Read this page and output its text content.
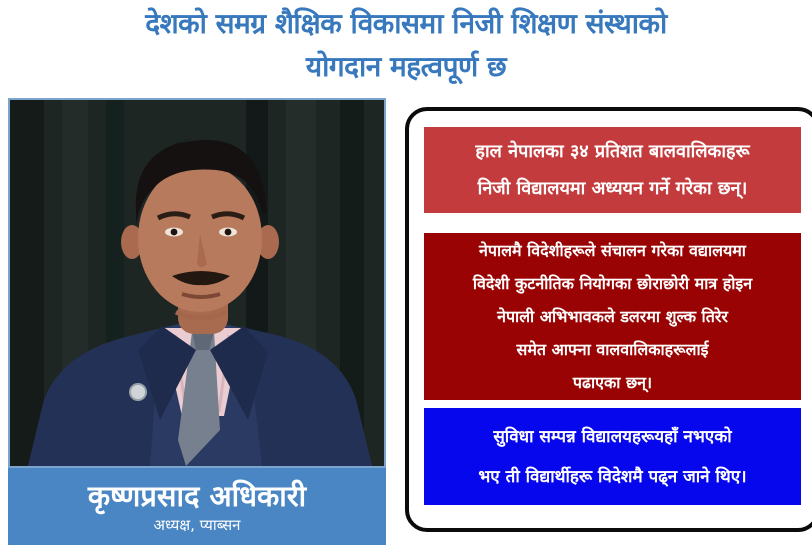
देशको समग्र शैक्षिक विकासमा निजी शिक्षण संस्थाको
योगदान महत्वपूर्ण छ
कृष्णप्रसाद अधिकारी
अध्यक्ष, प्याब्सन
हाल नेपालका ३४ प्रतिशत बालवालिकाहरू
निजी विद्यालयमा अध्ययन गर्ने गरेका छन्।
नेपालमै विदेशीहरूले संचालन गरेका वद्यालयमा
विदेशी कुटनीतिक नियोगका छोराछोरी मात्र होइन
नेपाली अभिभावकले डलरमा शुल्क तिरेर
समेत आफ्ना वालवालिकाहरूलाई
पढाएका छन्।
सुविधा सम्पन्न विद्यालयहरूयहाँ नभएको
भए ती विद्यार्थीहरू विदेशमै पढ्न जाने थिए।
